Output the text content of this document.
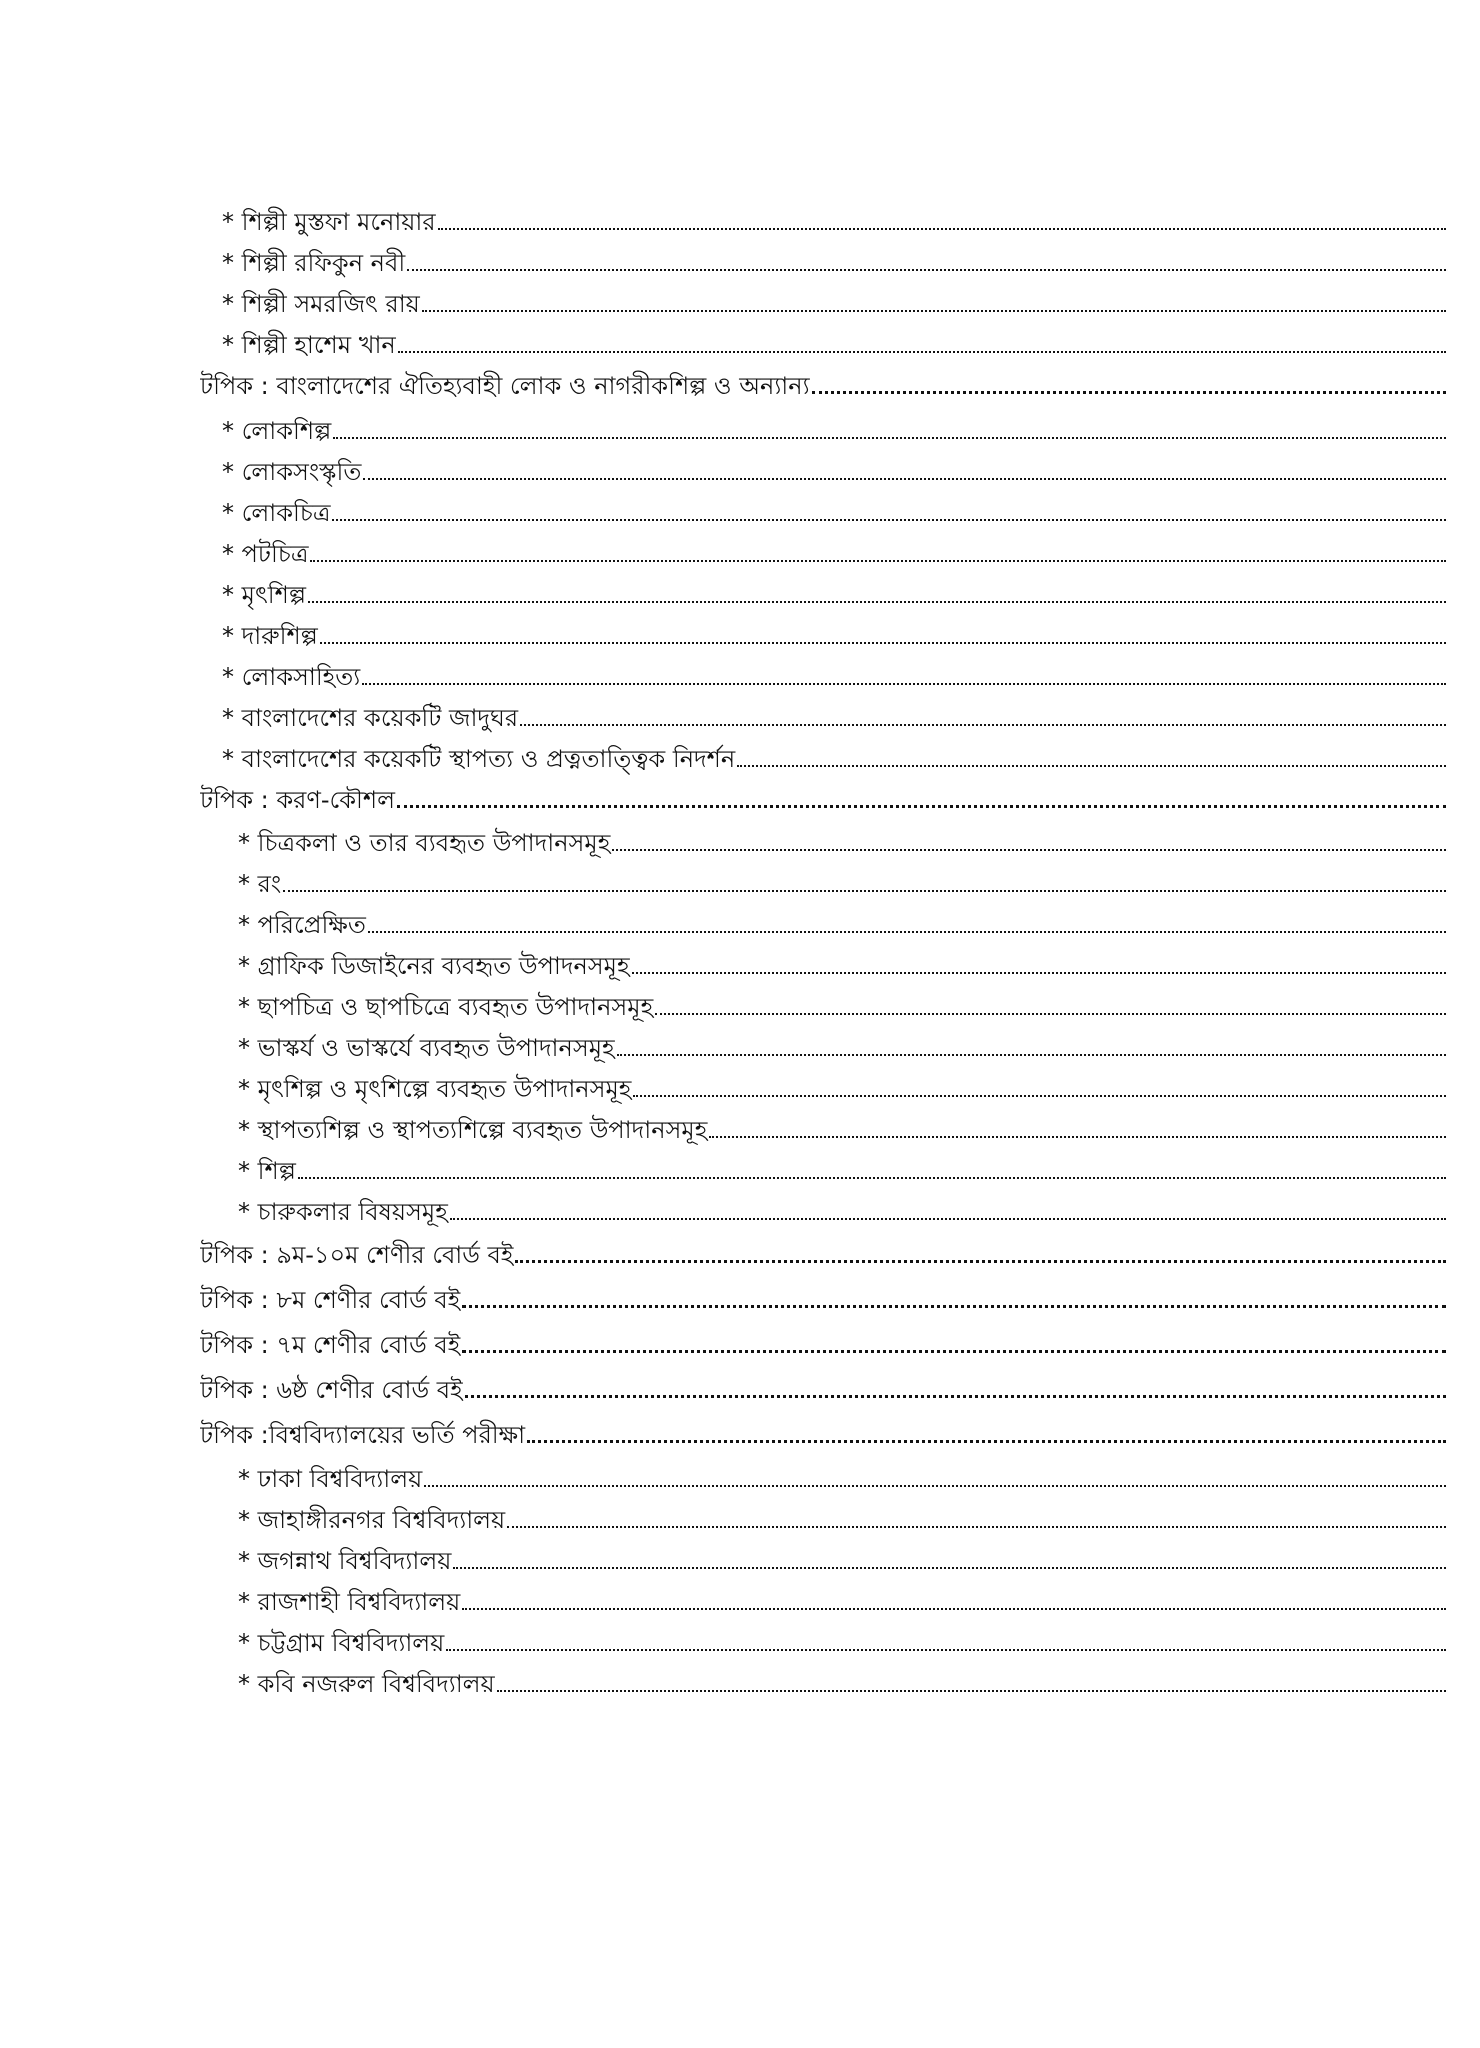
* শিল্পী মুস্তফা মনোয়ার
* শিল্পী রফিকুন নবী
* শিল্পী সমরজিৎ রায়
* শিল্পী হাশেম খান
টপিক : বাংলাদেশের ঐতিহ্যবাহী লোক ও নাগরীকশিল্প ও অন্যান্য
* লোকশিল্প
* লোকসংস্কৃতি
* লোকচিত্র
* পটচিত্র
* মৃৎশিল্প
* দারুশিল্প
* লোকসাহিত্য
* বাংলাদেশের কয়েকটি জাদুঘর
* বাংলাদেশের কয়েকটি স্থাপত্য ও প্রত্নতাত্ত্বিক নিদর্শন
টপিক : করণ-কৌশল
* চিত্রকলা ও তার ব্যবহৃত উপাদানসমূহ
* রং
* পরিপ্রেক্ষিত
* গ্রাফিক ডিজাইনের ব্যবহৃত উপাদনসমূহ
* ছাপচিত্র ও ছাপচিত্রে ব্যবহৃত উপাদানসমূহ
* ভাস্কর্য ও ভাস্কর্যে ব্যবহৃত উপাদানসমূহ
* মৃৎশিল্প ও মৃৎশিল্পে ব্যবহৃত উপাদানসমূহ
* স্থাপত্যশিল্প ও স্থাপত্যশিল্পে ব্যবহৃত উপাদানসমূহ
* শিল্প
* চারুকলার বিষয়সমূহ
টপিক : ৯ম-১০ম শেণীর বোর্ড বই
টপিক : ৮ম শেণীর বোর্ড বই
টপিক : ৭ম শেণীর বোর্ড বই
টপিক : ৬ষ্ঠ শেণীর বোর্ড বই
টপিক :বিশ্ববিদ্যালয়ের ভর্তি পরীক্ষা
* ঢাকা বিশ্ববিদ্যালয়
* জাহাঙ্গীরনগর বিশ্ববিদ্যালয়
* জগন্নাথ বিশ্ববিদ্যালয়
* রাজশাহী বিশ্ববিদ্যালয়
* চট্টগ্রাম বিশ্ববিদ্যালয়
* কবি নজরুল বিশ্ববিদ্যালয়
